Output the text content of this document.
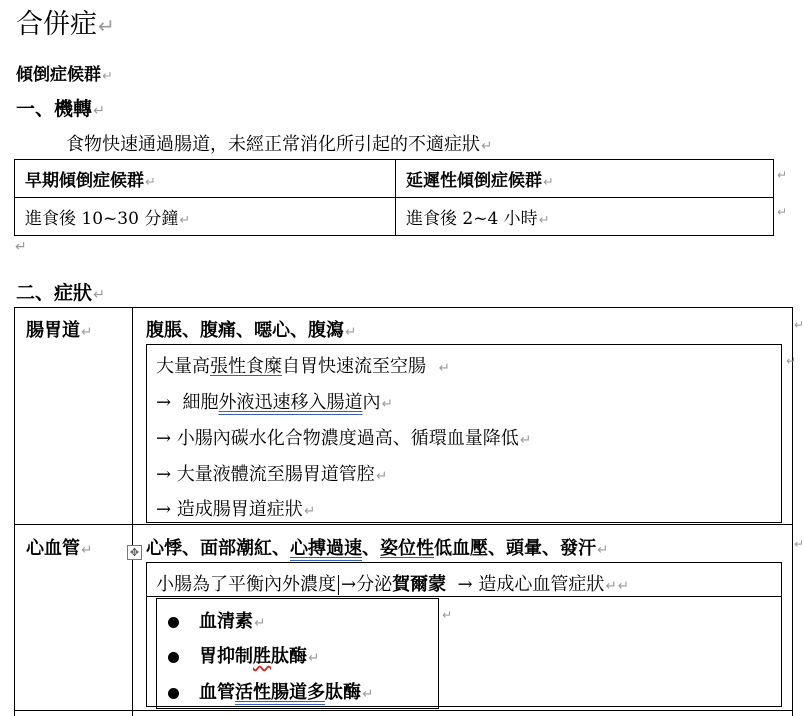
合併症↵
傾倒症候群↵
一、機轉↵
食物快速通過腸道，未經正常消化所引起的不適症狀↵
早期傾倒症候群↵	延遲性傾倒症候群↵
進食後 10~30 分鐘↵	進食後 2~4 小時↵
↵
↵
↵
二、症狀↵
腸胃道↵	腹脹、腹痛、噁心、腹瀉↵	↵
↵
大量高張性食糜自胃快速流至空腸 ↵
→ 細胞外液迅速移入腸道內↵
→ 小腸內碳水化合物濃度過高、循環血量降低↵
→ 大量液體流至腸胃道管腔↵
→ 造成腸胃道症狀↵
心血管↵	✥ 心悸、面部潮紅、心搏過速、姿位性低血壓、頭暈、發汗↵	↵
小腸為了平衡內外濃度 →分泌賀爾蒙 → 造成心血管症狀↵↵
血清素↵
胃抑制胜肽酶↵
血管活性腸道多肽酶↵
↵
